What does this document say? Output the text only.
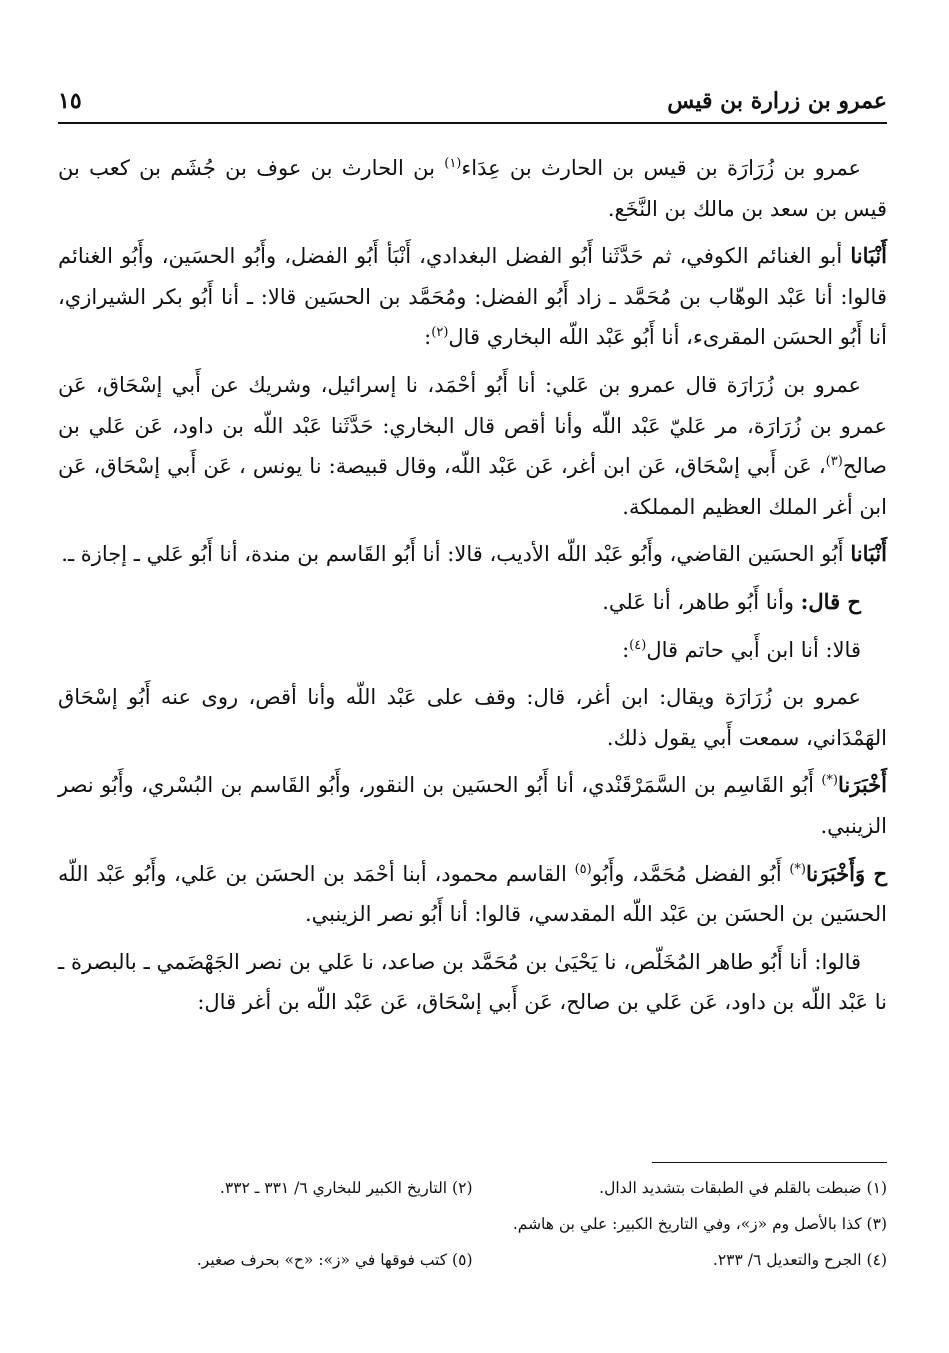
عمرو بن زرارة بن قيس
١٥

عمرو بن زُرَارَة بن قيس بن الحارث بن عِدَاء$^{(١)}$ بن الحارث بن عوف بن جُشَم بن كعب بن قيس بن سعد بن مالك بن النَّخَع.

أَنْبَانا أبو الغنائم الكوفي، ثم حَدَّثَنا أَبُو الفضل البغدادي، أَنْبَأ أَبُو الفضل، وأَبُو الحسَين، وأَبُو الغنائم قالوا: أنا عَبْد الوهّاب بن مُحَمَّد ـ زاد أَبُو الفضل: ومُحَمَّد بن الحسَين قالا: ـ أنا أَبُو بكر الشيرازي، أنا أَبُو الحسَن المقرىء، أنا أَبُو عَبْد اللّه البخاري قال$^{(٢)}$:

عمرو بن زُرَارَة قال عمرو بن عَلي: أنا أَبُو أحْمَد، نا إسرائيل، وشريك عن أَبي إسْحَاق، عَن عمرو بن زُرَارَة، مر عَليّ عَبْد اللّه وأنا أقص قال البخاري: حَدَّثَنا عَبْد اللّه بن داود، عَن عَلي بن صالح$^{(٣)}$، عَن أَبي إسْحَاق، عَن ابن أغر، عَن عَبْد اللّه، وقال قبيصة: نا يونس ، عَن أَبي إسْحَاق، عَن ابن أغر الملك العظيم المملكة.

أَنْبَانا أَبُو الحسَين القاضي، وأَبُو عَبْد اللّه الأديب، قالا: أنا أَبُو القَاسم بن مندة، أنا أَبُو عَلي ـ إجازة ـ.

ح قال: وأنا أَبُو طاهر، أنا عَلي.

قالا: أنا ابن أَبي حاتم قال$^{(٤)}$:

عمرو بن زُرَارَة ويقال: ابن أغر، قال: وقف على عَبْد اللّه وأنا أقص، روى عنه أَبُو إسْحَاق الهَمْدَاني، سمعت أَبي يقول ذلك.

أَخْبَرَنا(*) أَبُو القَاسِم بن السَّمَرْقَنْدي، أنا أَبُو الحسَين بن النقور، وأَبُو القَاسم بن البُسْري، وأَبُو نصر الزينبي.

ح وَأَخْبَرَنا(*) أَبُو الفضل مُحَمَّد، وأَبُو$^{(٥)}$ القاسم محمود، أبنا أحْمَد بن الحسَن بن عَلي، وأَبُو عَبْد اللّه الحسَين بن الحسَن بن عَبْد اللّه المقدسي، قالوا: أنا أَبُو نصر الزينبي.

قالوا: أنا أَبُو طاهر المُخَلّص، نا يَحْيَىٰ بن مُحَمَّد بن صاعد، نا عَلي بن نصر الجَهْضَمي ـ بالبصرة ـ نا عَبْد اللّه بن داود، عَن عَلي بن صالح، عَن أَبي إسْحَاق، عَن عَبْد اللّه بن أغر قال:

(١) ضبطت بالقلم في الطبقات بتشديد الدال.
(٢) التاريخ الكبير للبخاري ٦/ ٣٣١ ـ ٣٣٢.
(٣) كذا بالأصل وم «ز»، وفي التاريخ الكبير: علي بن هاشم.
(٤) الجرح والتعديل ٦/ ٢٣٣.
(٥) كتب فوقها في «ز»: «ح» بحرف صغير.
